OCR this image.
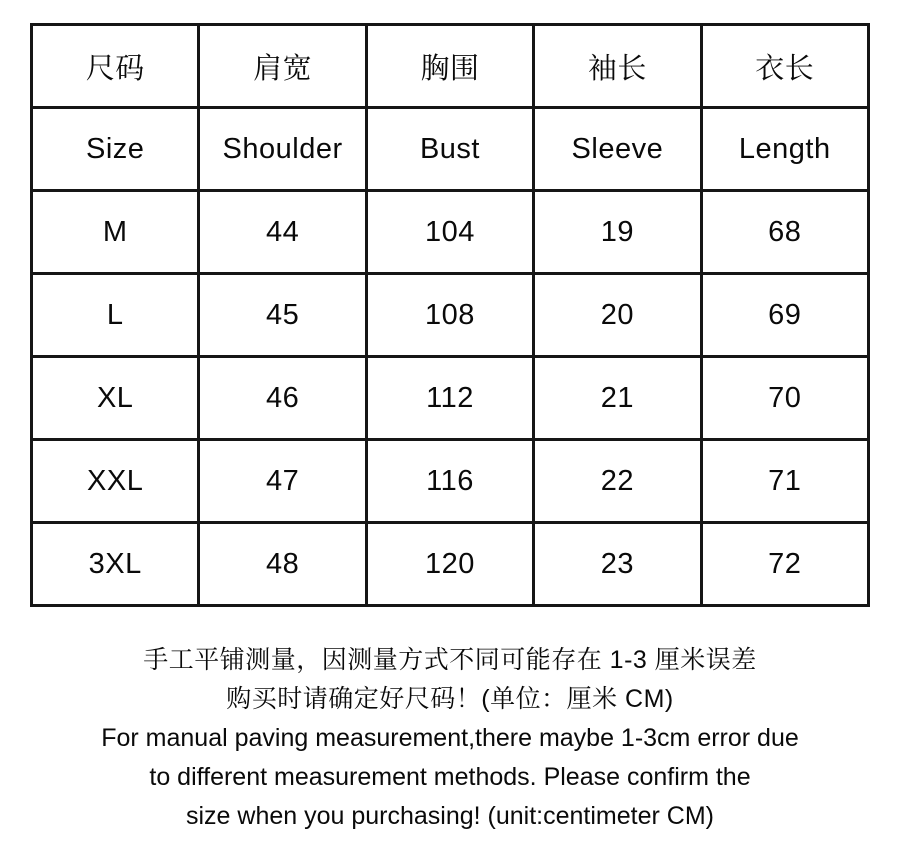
尺码	肩宽	胸围	袖长	衣长
Size	Shoulder	Bust	Sleeve	Length
M	44	104	19	68
L	45	108	20	69
XL	46	112	21	70
XXL	47	116	22	71
3XL	48	120	23	72
手工平铺测量，因测量方式不同可能存在 1-3 厘米误差
购买时请确定好尺码！(单位：厘米 CM)
For manual paving measurement,there maybe 1-3cm error due
to different measurement methods. Please confirm the
size when you purchasing! (unit:centimeter CM)
